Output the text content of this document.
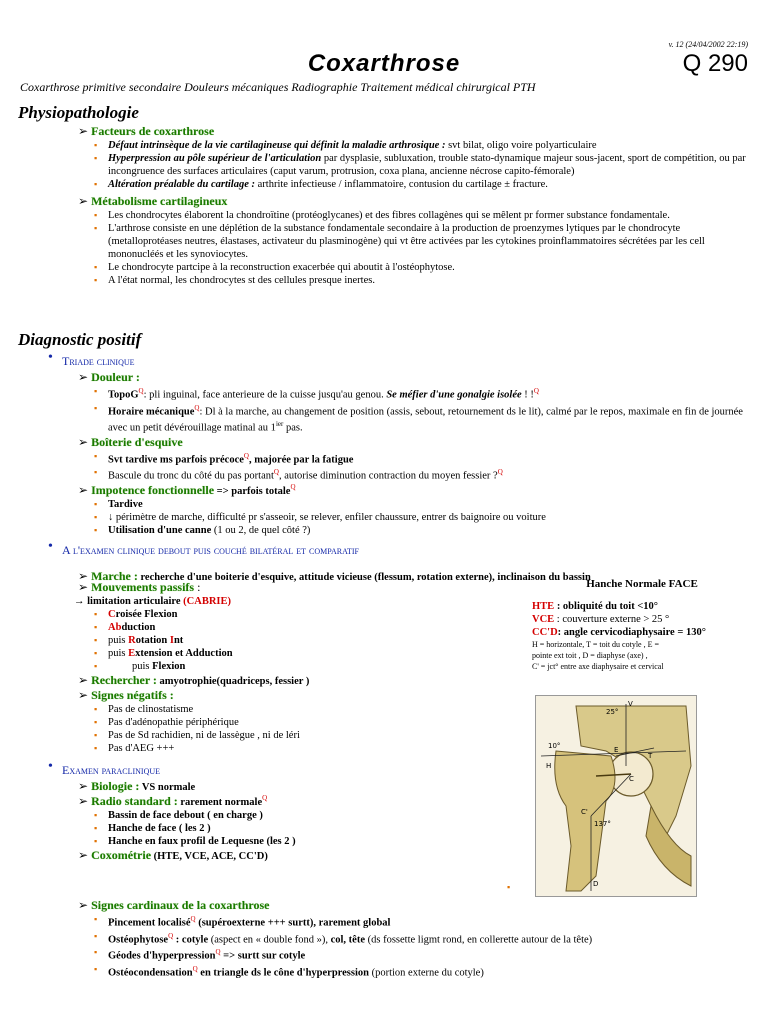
v. 12 (24/04/2002 22:19)
Q 290
Coxarthrose
Coxarthrose primitive secondaire Douleurs mécaniques Radiographie Traitement médical chirurgical PTH
Physiopathologie
➢ Facteurs de coxarthrose
▪ Défaut intrinsèque de la vie cartilagineuse qui définit la maladie arthrosique : svt bilat, oligo voire polyarticulaire
▪ Hyperpression au pôle supérieur de l'articulation par dysplasie, subluxation, trouble stato-dynamique majeur sous-jacent, sport de compétition, ou par incongruence des surfaces articulaires (caput varum, protrusion, coxa plana, ancienne nécrose capito-fémorale)
▪ Altération préalable du cartilage : arthrite infectieuse / inflammatoire, contusion du cartilage ± fracture.
➢ Métabolisme cartilagineux
▪ Les chondrocytes élaborent la chondroïtine (protéoglycanes) et des fibres collagènes qui se mêlent pr former substance fondamentale.
▪ L'arthrose consiste en une déplétion de la substance fondamentale secondaire à la production de proenzymes lytiques par le chondrocyte (metalloprotéases neutres, élastases, activateur du plasminogène) qui vt être activées par les cytokines proinflammatoires sécrétées par les cell mononucléés et les synoviocytes.
▪ Le chondrocyte partcipe à la reconstruction exacerbée qui aboutit à l'ostéophytose.
▪ A l'état normal, les chondrocytes st des cellules presque inertes.
Diagnostic positif
• Triade clinique
➢ Douleur :
▪ TopoG$^Q$: pli inguinal, face anterieure de la cuisse jusqu'au genou. Se méfier d'une gonalgie isolée ! !$^Q$
▪ Horaire mécanique$^Q$: Dl à la marche, au changement de position (assis, sebout, retournement ds le lit), calmé par le repos, maximale en fin de journée avec un petit dévérouillage matinal au $1^{ier}$ pas.
➢ Boîterie d'esquive
▪ Svt tardive ms parfois précoce$^Q$, majorée par la fatigue
▪ Bascule du tronc du côté du pas portant$^Q$, autorise diminution contraction du moyen fessier ?$^Q$
➢ Impotence fonctionnelle => parfois totale$^Q$
▪ Tardive
▪ ↓ périmètre de marche, difficulté pr s'asseoir, se relever, enfiler chaussure, entrer ds baignoire ou voiture
▪ Utilisation d'une canne (1 ou 2, de quel côté ?)
• A l'examen clinique debout puis couché bilatéral et comparatif
➢ Marche : recherche d'une boiterie d'esquive, attitude vicieuse (flessum, rotation externe), inclinaison du bassin
➢ Mouvements passifs :
→ limitation articulaire (CABRIE)
▪ Croisée Flexion
▪ Abduction
▪ puis Rotation Int
▪ puis Extension et Adduction
▪ puis Flexion
➢ Rechercher : amyotrophie(quadriceps, fessier )
➢ Signes négatifs :
▪ Pas de clinostatisme
▪ Pas d'adénopathie périphérique
▪ Pas de Sd rachidien, ni de lassègue , ni de léri
▪ Pas d'AEG +++
• Examen paraclinique
➢ Biologie : VS normale
➢ Radio standard : rarement normale$^Q$
▪ Bassin de face debout ( en charge )
▪ Hanche de face ( les 2 )
▪ Hanche en faux profil de Lequesne (les 2 )
➢ Coxométrie (HTE, VCE, ACE, CC'D)
➢ Signes cardinaux de la coxarthrose
▪ Pincement localisé$^Q$ (supéroexterne +++ surtt), rarement global
▪ Ostéophytose$^Q$ : cotyle (aspect en « double fond »), col, tête (ds fossette ligmt rond, en collerette autour de la tête)
▪ Géodes d'hyperpression$^Q$ => surtt sur cotyle
▪ Ostéocondensation$^Q$ en triangle ds le cône d'hyperpression (portion externe du cotyle)
Hanche Normale FACE
HTE : obliquité du toit <10°
VCE : couverture externe > 25 °
CC'D: angle cervicodiaphysaire = 130°
H = horizontale, T = toit du cotyle , E =
pointe ext toit , D = diaphyse (axe) ,
C' = jct° entre axe diaphysaire et cervical
25°
10°
H
E
T
C
V
137°
C'
D
▪
